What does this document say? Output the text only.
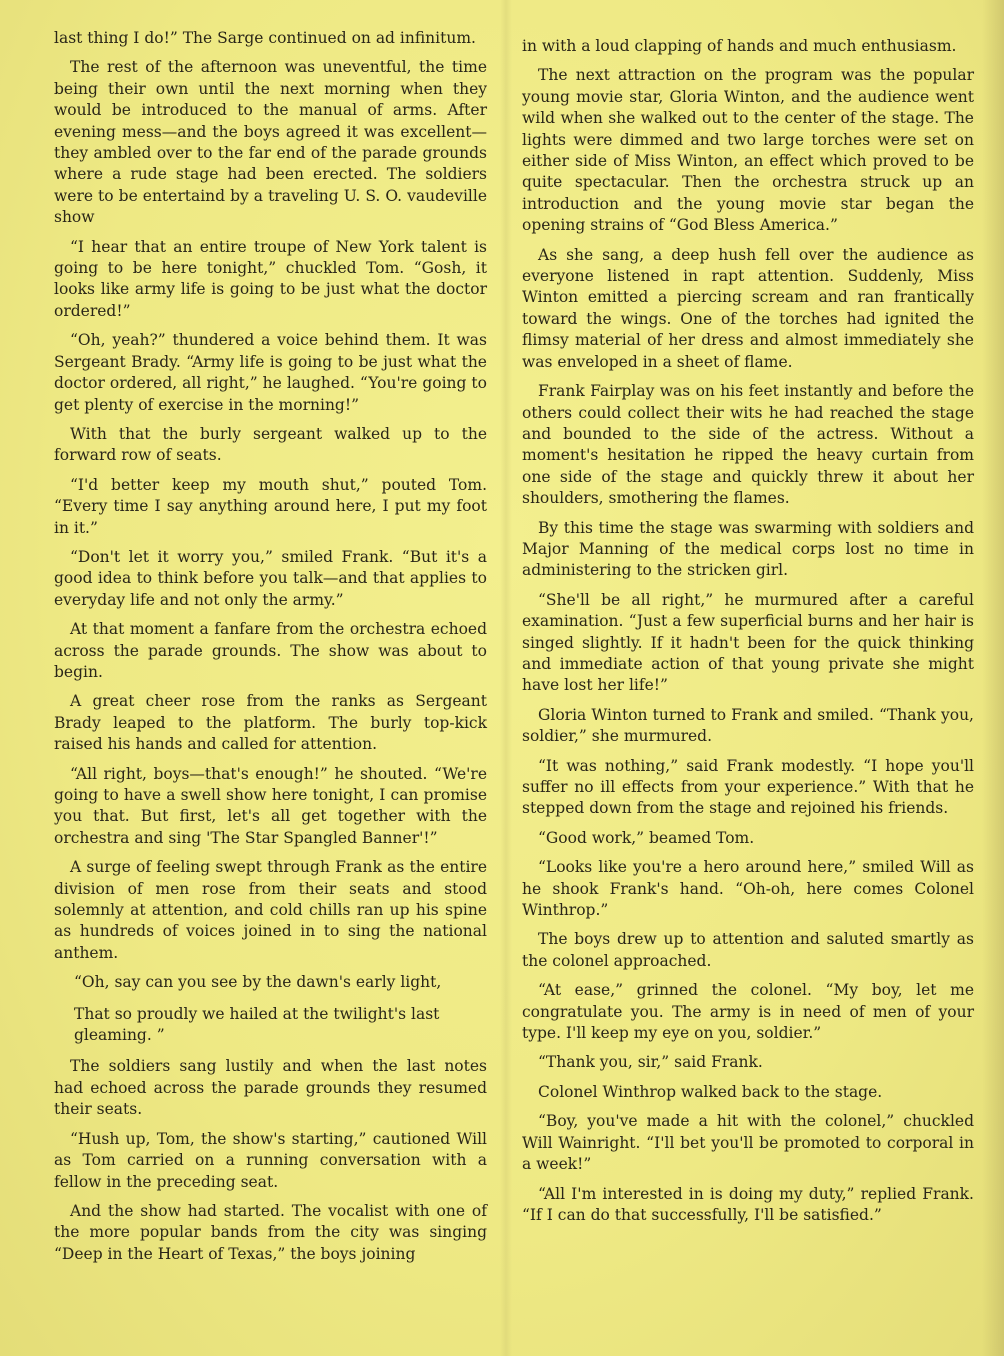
last thing I do!” The Sarge continued on ad infinitum.

The rest of the afternoon was uneventful, the time being their own until the next morning when they would be introduced to the manual of arms. After evening mess—and the boys agreed it was excellent—they ambled over to the far end of the parade grounds where a rude stage had been erected. The soldiers were to be entertaind by a traveling U. S. O. vaudeville show

“I hear that an entire troupe of New York talent is going to be here tonight,” chuckled Tom. “Gosh, it looks like army life is going to be just what the doctor ordered!”

“Oh, yeah?” thundered a voice behind them. It was Sergeant Brady. “Army life is going to be just what the doctor ordered, all right,” he laughed. “You're going to get plenty of exercise in the morning!”

With that the burly sergeant walked up to the forward row of seats.

“I'd better keep my mouth shut,” pouted Tom. “Every time I say anything around here, I put my foot in it.”

“Don't let it worry you,” smiled Frank. “But it's a good idea to think before you talk—and that applies to everyday life and not only the army.”

At that moment a fanfare from the orchestra echoed across the parade grounds. The show was about to begin.

A great cheer rose from the ranks as Sergeant Brady leaped to the platform. The burly top-kick raised his hands and called for attention.

“All right, boys—that's enough!” he shouted. “We're going to have a swell show here tonight, I can promise you that. But first, let's all get together with the orchestra and sing 'The Star Spangled Banner'!”

A surge of feeling swept through Frank as the entire division of men rose from their seats and stood solemnly at attention, and cold chills ran up his spine as hundreds of voices joined in to sing the national anthem.

“Oh, say can you see by the dawn's early light,

That so proudly we hailed at the twilight's last gleaming. ”

The soldiers sang lustily and when the last notes had echoed across the parade grounds they resumed their seats.

“Hush up, Tom, the show's starting,” cautioned Will as Tom carried on a running conversation with a fellow in the preceding seat.

And the show had started. The vocalist with one of the more popular bands from the city was singing “Deep in the Heart of Texas,” the boys joining

in with a loud clapping of hands and much enthusiasm.

The next attraction on the program was the popular young movie star, Gloria Winton, and the audience went wild when she walked out to the center of the stage. The lights were dimmed and two large torches were set on either side of Miss Winton, an effect which proved to be quite spectacular. Then the orchestra struck up an introduction and the young movie star began the opening strains of “God Bless America.”

As she sang, a deep hush fell over the audience as everyone listened in rapt attention. Suddenly, Miss Winton emitted a piercing scream and ran frantically toward the wings. One of the torches had ignited the flimsy material of her dress and almost immediately she was enveloped in a sheet of flame.

Frank Fairplay was on his feet instantly and before the others could collect their wits he had reached the stage and bounded to the side of the actress. Without a moment's hesitation he ripped the heavy curtain from one side of the stage and quickly threw it about her shoulders, smothering the flames.

By this time the stage was swarming with soldiers and Major Manning of the medical corps lost no time in administering to the stricken girl.

“She'll be all right,” he murmured after a careful examination. “Just a few superficial burns and her hair is singed slightly. If it hadn't been for the quick thinking and immediate action of that young private she might have lost her life!”

Gloria Winton turned to Frank and smiled. “Thank you, soldier,” she murmured.

“It was nothing,” said Frank modestly. “I hope you'll suffer no ill effects from your experience.” With that he stepped down from the stage and rejoined his friends.

“Good work,” beamed Tom.

“Looks like you're a hero around here,” smiled Will as he shook Frank's hand. “Oh-oh, here comes Colonel Winthrop.”

The boys drew up to attention and saluted smartly as the colonel approached.

“At ease,” grinned the colonel. “My boy, let me congratulate you. The army is in need of men of your type. I'll keep my eye on you, soldier.”

“Thank you, sir,” said Frank.

Colonel Winthrop walked back to the stage.

“Boy, you've made a hit with the colonel,” chuckled Will Wainright. “I'll bet you'll be promoted to corporal in a week!”

“All I'm interested in is doing my duty,” replied Frank. “If I can do that successfully, I'll be satisfied.”
